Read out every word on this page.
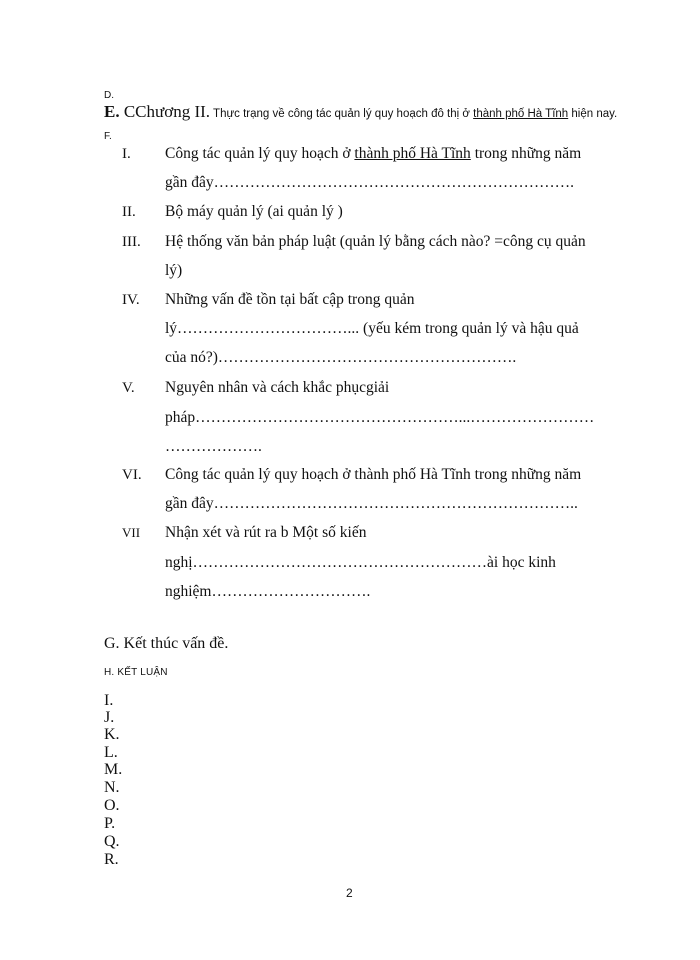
D.
E. CChương II. Thực trạng về công tác quản lý quy hoạch đô thị ở thành phố Hà Tĩnh hiện nay.
F.
I. Công tác quản lý quy hoạch ở thành phố Hà Tĩnh trong những năm
gần đây…………………………………………………………….
II. Bộ máy quản lý (ai quản lý )
III. Hệ thống văn bản pháp luật (quản lý bằng cách nào? =công cụ quản
lý)
IV. Những vấn đề tồn tại bất cập trong quản
lý……………………………... (yếu kém trong quản lý và hậu quả
của nó?)………………………………………………….
V. Nguyên nhân và cách khắc phụcgiải
pháp……………………………………………...……………………
……………….
VI. Công tác quản lý quy hoạch ở thành phố Hà Tĩnh trong những năm
gần đây……………………………………………………………..
VII Nhận xét và rút ra b Một số kiến
nghị…………………………………………………ài học kinh
nghiệm………………………….
G. Kết thúc vấn đề.
H. KẾT LUẬN
I.
J.
K.
L.
M.
N.
O.
P.
Q.
R.
2
